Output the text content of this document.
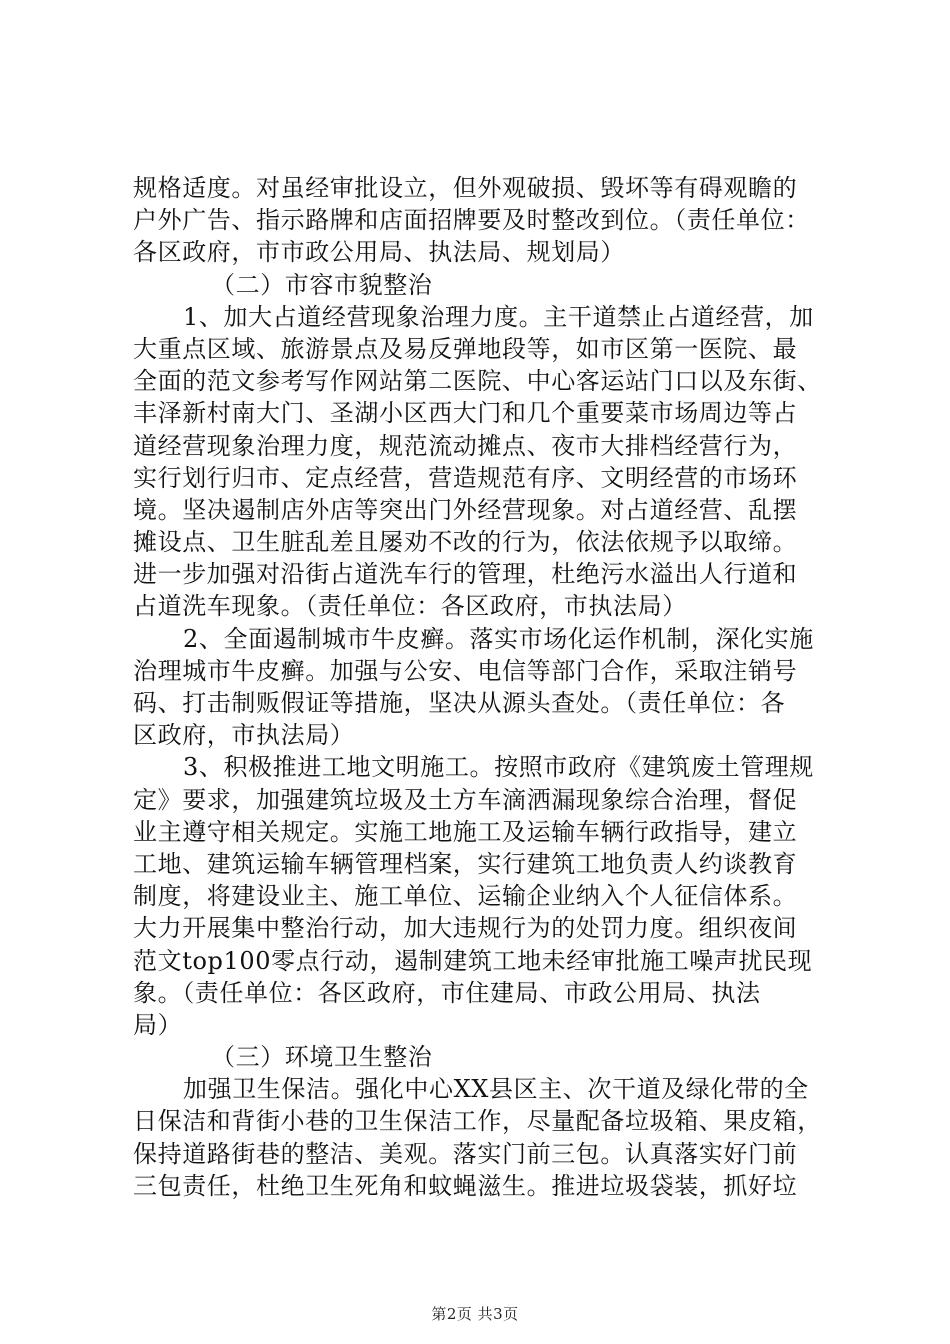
规格适度。对虽经审批设立，但外观破损、毁坏等有碍观瞻的
户外广告、指示路牌和店面招牌要及时整改到位。（责任单位：
各区政府，市市政公用局、执法局、规划局）
（二）市容市貌整治
1、加大占道经营现象治理力度。主干道禁止占道经营，加
大重点区域、旅游景点及易反弹地段等，如市区第一医院、最
全面的范文参考写作网站第二医院、中心客运站门口以及东街、
丰泽新村南大门、圣湖小区西大门和几个重要菜市场周边等占
道经营现象治理力度，规范流动摊点、夜市大排档经营行为，
实行划行归市、定点经营，营造规范有序、文明经营的市场环
境。坚决遏制店外店等突出门外经营现象。对占道经营、乱摆
摊设点、卫生脏乱差且屡劝不改的行为，依法依规予以取缔。
进一步加强对沿街占道洗车行的管理，杜绝污水溢出人行道和
占道洗车现象。（责任单位：各区政府，市执法局）
2、全面遏制城市牛皮癣。落实市场化运作机制，深化实施
治理城市牛皮癣。加强与公安、电信等部门合作，采取注销号
码、打击制贩假证等措施，坚决从源头查处。（责任单位：各
区政府，市执法局）
3、积极推进工地文明施工。按照市政府《建筑废土管理规
定》要求，加强建筑垃圾及土方车滴洒漏现象综合治理，督促
业主遵守相关规定。实施工地施工及运输车辆行政指导，建立
工地、建筑运输车辆管理档案，实行建筑工地负责人约谈教育
制度，将建设业主、施工单位、运输企业纳入个人征信体系。
大力开展集中整治行动，加大违规行为的处罚力度。组织夜间
范文top100零点行动，遏制建筑工地未经审批施工噪声扰民现
象。（责任单位：各区政府，市住建局、市政公用局、执法
局）
（三）环境卫生整治
加强卫生保洁。强化中心XX县区主、次干道及绿化带的全
日保洁和背街小巷的卫生保洁工作，尽量配备垃圾箱、果皮箱，
保持道路街巷的整洁、美观。落实门前三包。认真落实好门前
三包责任，杜绝卫生死角和蚊蝇滋生。推进垃圾袋装，抓好垃
第2页 共3页
